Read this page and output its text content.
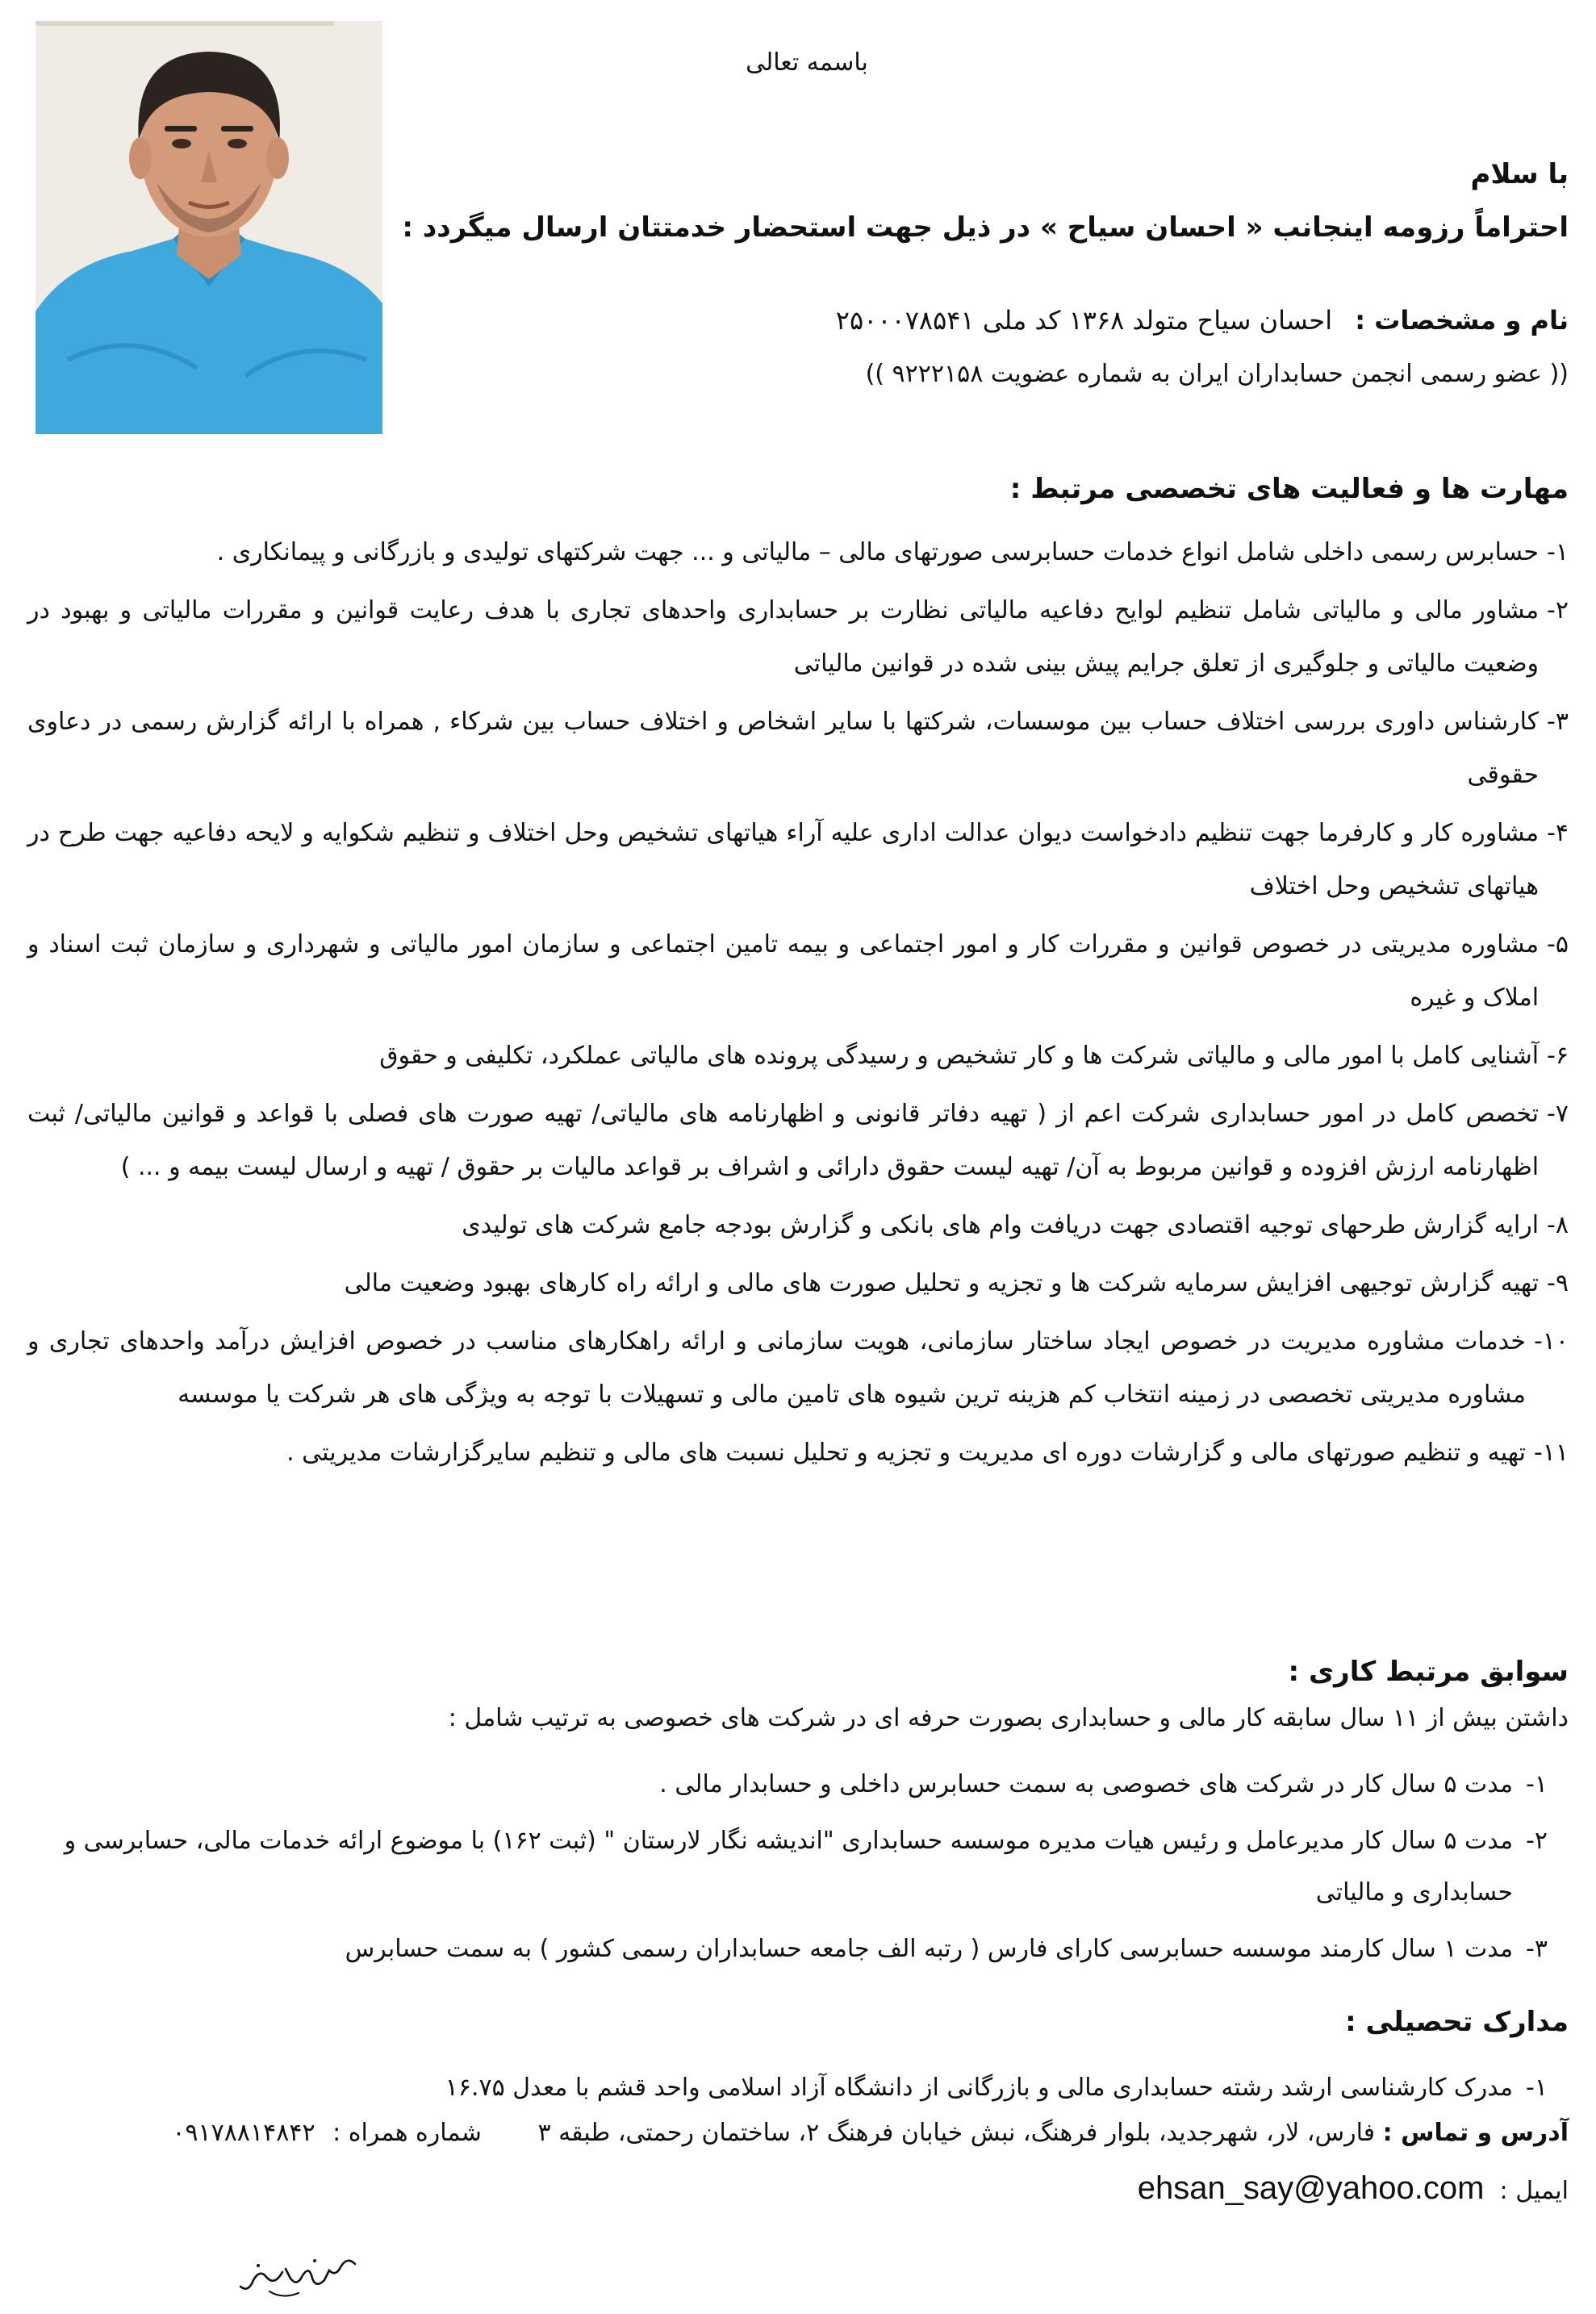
باسمه تعالی
با سلام
احتراماً رزومه اینجانب « احسان سیاح » در ذیل جهت استحضار خدمتتان ارسال میگردد :
نام و مشخصات : احسان سیاح متولد ۱۳۶۸ کد ملی ۲۵۰۰۰۷۸۵۴۱
(( عضو رسمی انجمن حسابداران ایران به شماره عضویت ۹۲۲۲۱۵۸ ))
مهارت ها و فعالیت های تخصصی مرتبط :
۱-
حسابرس رسمی داخلی شامل انواع خدمات حسابرسی صورتهای مالی – مالیاتی و ... جهت شرکتهای تولیدی و بازرگانی و پیمانکاری .
۲-
مشاور مالی و مالیاتی شامل تنظیم لوایح دفاعیه مالیاتی نظارت بر حسابداری واحدهای تجاری با هدف رعایت قوانین و مقررات مالیاتی و بهبود در وضعیت مالیاتی و جلوگیری از تعلق جرایم پیش بینی شده در قوانین مالیاتی
۳-
کارشناس داوری بررسی اختلاف حساب بین موسسات، شرکتها با سایر اشخاص و اختلاف حساب بین شرکاء , همراه با ارائه گزارش رسمی در دعاوی حقوقی
۴-
مشاوره کار و کارفرما جهت تنظیم دادخواست دیوان عدالت اداری علیه آراء هیاتهای تشخیص وحل اختلاف و تنظیم شکوایه و لایحه دفاعیه جهت طرح در هیاتهای تشخیص وحل اختلاف
۵-
مشاوره مدیریتی در خصوص قوانین و مقررات کار و امور اجتماعی و بیمه تامین اجتماعی و سازمان امور مالیاتی و شهرداری و سازمان ثبت اسناد و املاک و غیره
۶-
آشنایی کامل با امور مالی و مالیاتی شرکت ها و کار تشخیص و رسیدگی پرونده های مالیاتی عملکرد، تکلیفی و حقوق
۷-
تخصص کامل در امور حسابداری شرکت اعم از ( تهیه دفاتر قانونی و اظهارنامه های مالیاتی/ تهیه صورت های فصلی با قواعد و قوانین مالیاتی/ ثبت اظهارنامه ارزش افزوده و قوانین مربوط به آن/ تهیه لیست حقوق دارائی و اشراف بر قواعد مالیات بر حقوق / تهیه و ارسال لیست بیمه و ... )
۸-
ارایه گزارش طرحهای توجیه اقتصادی جهت دریافت وام های بانکی و گزارش بودجه جامع شرکت های تولیدی
۹-
تهیه گزارش توجیهی افزایش سرمایه شرکت ها و تجزیه و تحلیل صورت های مالی و ارائه راه کارهای بهبود وضعیت مالی
۱۰-
خدمات مشاوره مدیریت در خصوص ایجاد ساختار سازمانی، هویت سازمانی و ارائه راهکارهای مناسب در خصوص افزایش درآمد واحدهای تجاری و مشاوره مدیریتی تخصصی در زمینه انتخاب کم هزینه ترین شیوه های تامین مالی و تسهیلات با توجه به ویژگی های هر شرکت یا موسسه
۱۱-
تهیه و تنظیم صورتهای مالی و گزارشات دوره ای مدیریت و تجزیه و تحلیل نسبت های مالی و تنظیم سایرگزارشات مدیریتی .
سوابق مرتبط کاری :
داشتن بیش از ۱۱ سال سابقه کار مالی و حسابداری بصورت حرفه ای در شرکت های خصوصی به ترتیب شامل :
۱-
مدت ۵ سال کار در شرکت های خصوصی به سمت حسابرس داخلی و حسابدار مالی .
۲-
مدت ۵ سال کار مدیرعامل و رئیس هیات مدیره موسسه حسابداری "اندیشه نگار لارستان " (ثبت ۱۶۲) با موضوع ارائه خدمات مالی، حسابرسی و حسابداری و مالیاتی
۳-
مدت ۱ سال کارمند موسسه حسابرسی کارای فارس ( رتبه الف جامعه حسابداران رسمی کشور ) به سمت حسابرس
مدارک تحصیلی :
۱-
مدرک کارشناسی ارشد رشته حسابداری مالی و بازرگانی از دانشگاه آزاد اسلامی واحد قشم با معدل ۱۶.۷۵
آدرس و تماس : فارس، لار، شهرجدید، بلوار فرهنگ، نبش خیابان فرهنگ ۲، ساختمان رحمتی، طبقه ۳ شماره همراه : ۰۹۱۷۸۸۱۴۸۴۲
ایمیل : ehsan_say@yahoo.com
